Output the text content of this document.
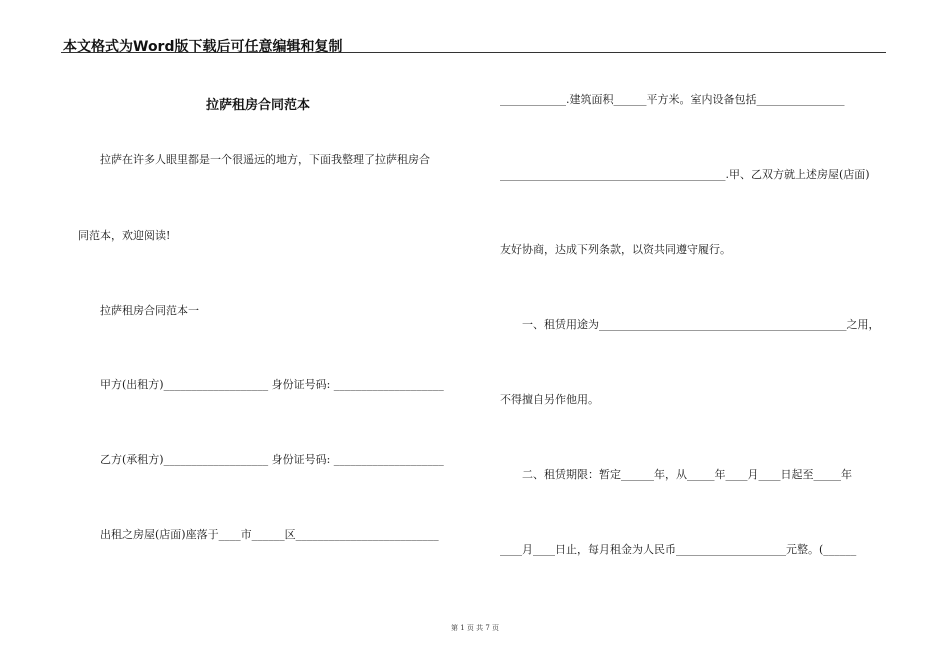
本文格式为Word版下载后可任意编辑和复制
拉萨租房合同范本
　　拉萨在许多人眼里都是一个很遥远的地方，下面我整理了拉萨租房合
同范本，欢迎阅读!
　　拉萨租房合同范本一
　　甲方(出租方)___________________ 身份证号码: ____________________
　　乙方(承租方)___________________ 身份证号码: ____________________
　　出租之房屋(店面)座落于____市______区__________________________
____________.建筑面积______平方米。室内设备包括________________
_________________________________________.甲、乙双方就上述房屋(店面)
友好协商，达成下列条款，以资共同遵守履行。
　　一、租赁用途为_____________________________________________之用，
不得擅自另作他用。
　　二、租赁期限：暂定______年，从_____年____月____日起至_____年
____月____日止，每月租金为人民币____________________元整。(______
第 1 页 共 7 页
